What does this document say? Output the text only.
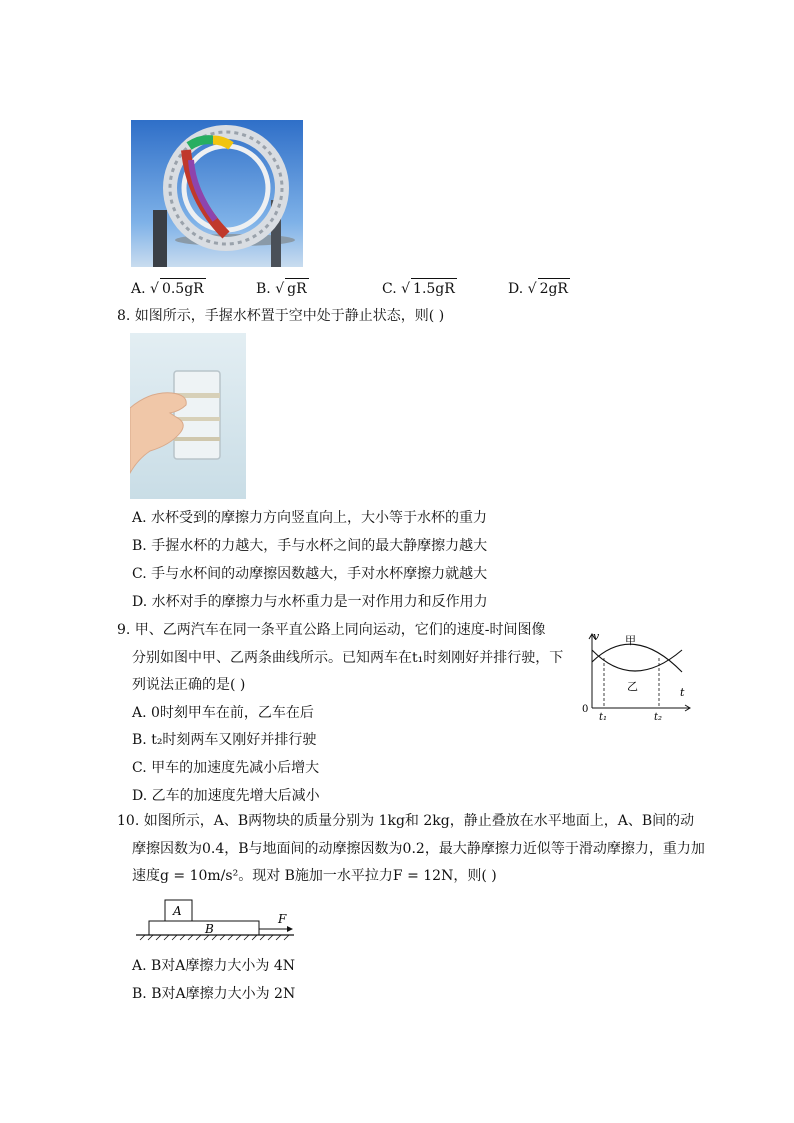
A. √ 0.5gR	B. √ gR	C. √ 1.5gR	D. √ 2gR
8. 如图所示，手握水杯置于空中处于静止状态，则( )
A. 水杯受到的摩擦力方向竖直向上，大小等于水杯的重力
B. 手握水杯的力越大，手与水杯之间的最大静摩擦力越大
C. 手与水杯间的动摩擦因数越大，手对水杯摩擦力就越大
D. 水杯对手的摩擦力与水杯重力是一对作用力和反作用力
9. 甲、乙两汽车在同一条平直公路上同向运动，它们的速度-时间图像
分别如图中甲、乙两条曲线所示。已知两车在t₁时刻刚好并排行驶，下
列说法正确的是( )
A. 0时刻甲车在前，乙车在后
B. t₂时刻两车又刚好并排行驶
C. 甲车的加速度先减小后增大
D. 乙车的加速度先增大后减小
v
t
0
t₁	t₂
甲
乙
10. 如图所示，A、B两物块的质量分别为 1kg和 2kg，静止叠放在水平地面上，A、B间的动
摩擦因数为0.4，B与地面间的动摩擦因数为0.2，最大静摩擦力近似等于滑动摩擦力，重力加
速度g = 10m/s²。现对 B施加一水平拉力F = 12N，则( )
A
B
F
A. B对A摩擦力大小为 4N
B. B对A摩擦力大小为 2N
